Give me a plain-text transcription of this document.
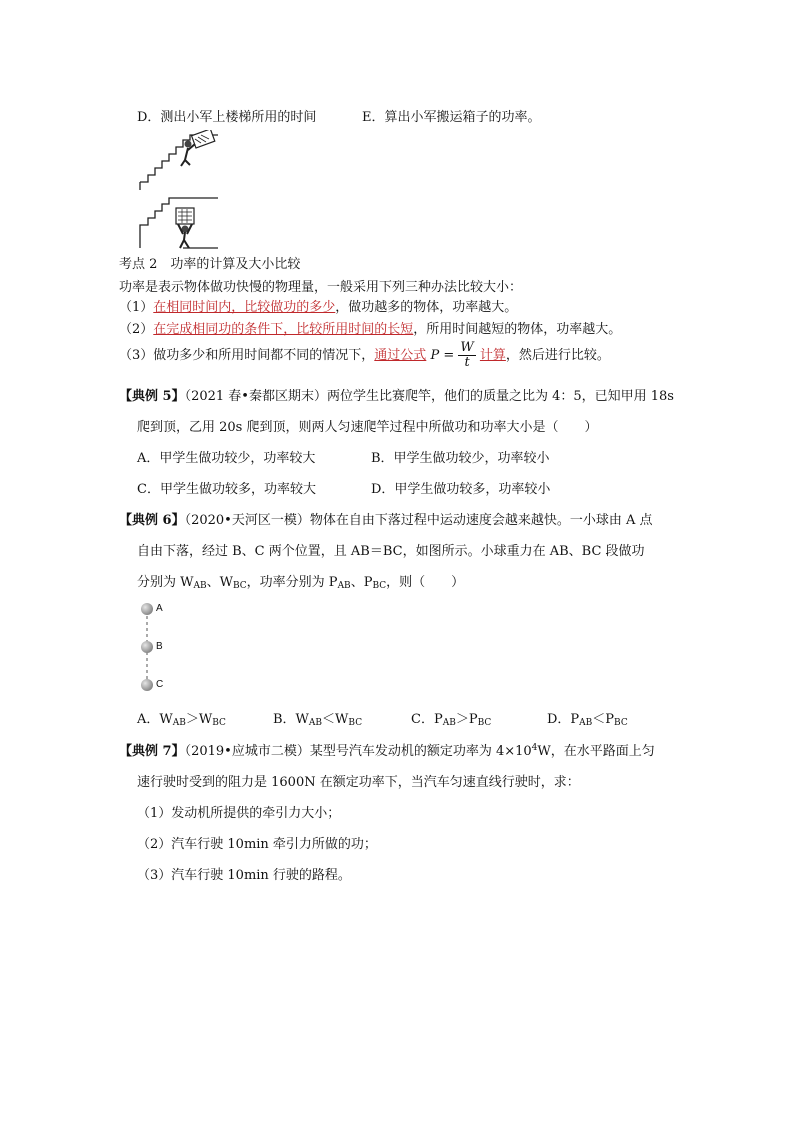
D．测出小军上楼梯所用的时间	E．算出小军搬运箱子的功率。
考点 2　功率的计算及大小比较
功率是表示物体做功快慢的物理量，一般采用下列三种办法比较大小：
（1）在相同时间内，比较做功的多少，做功越多的物体，功率越大。
（2）在完成相同功的条件下，比较所用时间的长短，所用时间越短的物体，功率越大。
（3）做功多少和所用时间都不同的情况下，通过公式 $P = \frac{W}{t}$ 计算，然后进行比较。
【典例 5】（2021 春•秦都区期末）两位学生比赛爬竿，他们的质量之比为 4：5，已知甲用 18s
爬到顶，乙用 20s 爬到顶，则两人匀速爬竿过程中所做功和功率大小是（　　）
A．甲学生做功较少，功率较大	B．甲学生做功较少，功率较小
C．甲学生做功较多，功率较大	D．甲学生做功较多，功率较小
【典例 6】（2020•天河区一模）物体在自由下落过程中运动速度会越来越快。一小球由 A 点
自由下落，经过 B、C 两个位置，且 AB＝BC，如图所示。小球重力在 AB、BC 段做功
分别为 $W_{AB}$、$W_{BC}$，功率分别为 $P_{AB}$、$P_{BC}$，则（　　）
A
B
C
A．$W_{AB}>W_{BC}$	B．$W_{AB}<W_{BC}$	C．$P_{AB}>P_{BC}$	D．$P_{AB}<P_{BC}$
【典例 7】（2019•应城市二模）某型号汽车发动机的额定功率为 $4\times 10^4W$，在水平路面上匀
速行驶时受到的阻力是 1600N 在额定功率下，当汽车匀速直线行驶时，求：
（1）发动机所提供的牵引力大小；
（2）汽车行驶 10min 牵引力所做的功；
（3）汽车行驶 10min 行驶的路程。
